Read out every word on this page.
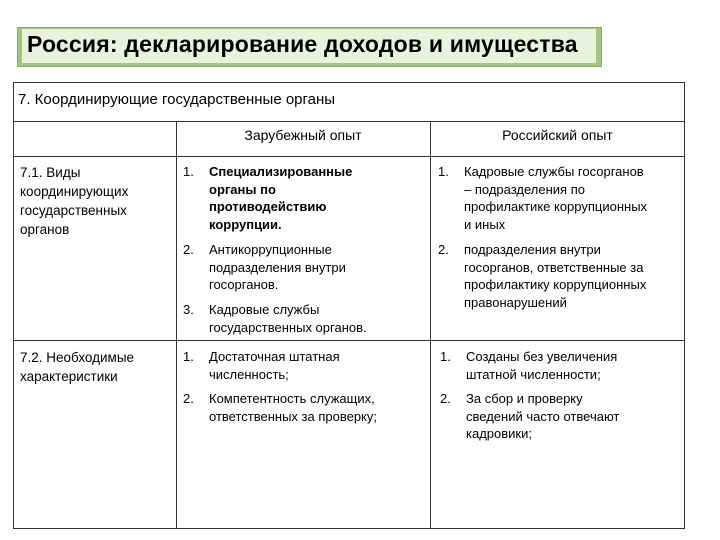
Россия: декларирование доходов и имущества
7. Координирующие государственные органы
Зарубежный опыт	Российский опыт
7.1. Виды
координирующих
государственных
органов
1. Специализированные
органы по
противодействию
коррупции.
2. Антикоррупционные
подразделения внутри
госорганов.
3. Кадровые службы
государственных органов.
1. Кадровые службы госорганов
– подразделения по
профилактике коррупционных
и иных
2. подразделения внутри
госорганов, ответственные за
профилактику коррупционных
правонарушений
7.2. Необходимые
характеристики
1. Достаточная штатная
численность;
2. Компетентность служащих,
ответственных за проверку;
1. Созданы без увеличения
штатной численности;
2. За сбор и проверку
сведений часто отвечают
кадровики;
